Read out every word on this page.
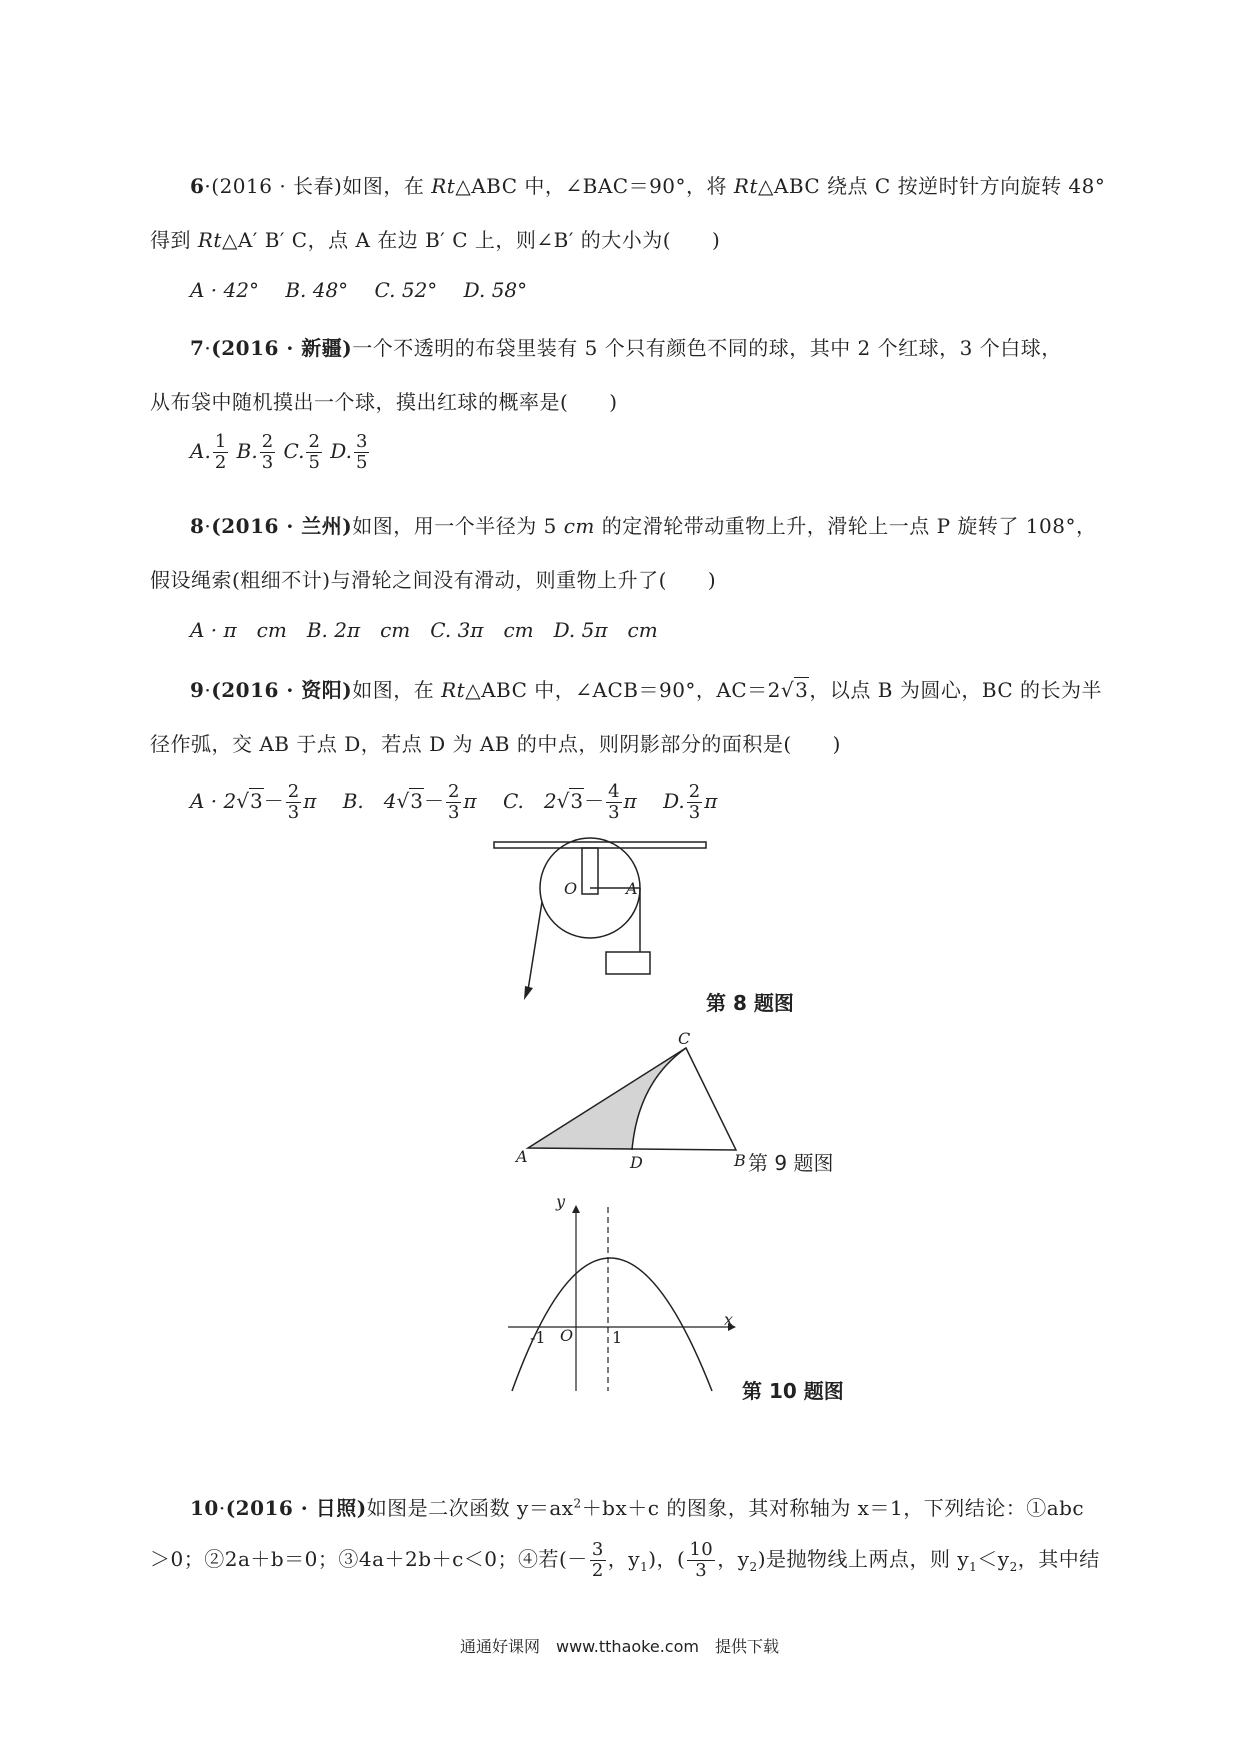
6·(2016 · 长春)如图，在 Rt△ABC 中，∠BAC＝90°，将 Rt△ABC 绕点 C 按逆时针方向旋转 48°
得到 Rt△A′ B′ C，点 A 在边 B′ C 上，则∠B′ 的大小为(　　)
A · 42°　 B. 48°　 C. 52°　 D. 58°
7·(2016 · 新疆)一个不透明的布袋里装有 5 个只有颜色不同的球，其中 2 个红球，3 个白球，
从布袋中随机摸出一个球，摸出红球的概率是(　　)
A. $\frac{1}{2} B$. $\frac{2}{3} C$. $\frac{2}{5} D$. $\frac{3}{5}$
8·(2016 · 兰州)如图，用一个半径为 5 cm 的定滑轮带动重物上升，滑轮上一点 P 旋转了 108°，
假设绳索(粗细不计)与滑轮之间没有滑动，则重物上升了(　　)
A · π　cm　B. 2π　cm　C. 3π　cm　D. 5π　cm
9·(2016 · 资阳)如图，在 Rt△ABC 中，∠ACB＝90°，AC＝2√3，以点 B 为圆心，BC 的长为半
径作弧，交 AB 于点 D，若点 D 为 AB 的中点，则阴影部分的面积是(　　)
$A \cdot 2√3- \frac{2}{3}$ π　 B.　$4√3- \frac{2}{3}$ π　 C.　$2√3- \frac{4}{3}$ π　 D. $\frac{2}{3}$ π
O	A
第 8 题图
A	D	B
C
第 9 题图
y
x
O
-1	1
第 10 题图
10·(2016 · 日照)如图是二次函数 $y=ax^2+bx+c$ 的图象，其对称轴为 x＝1，下列结论：①abc
＞0；②2a＋b＝0；③4a＋2b＋c＜0；④若(－ $\frac{3}{2}$ ，$y_1$)，( $\frac{10}{3}$ ，$y_2$)是抛物线上两点，则 $y_1<y_2$，其中结
通通好课网　www.tthaoke.com　提供下载
